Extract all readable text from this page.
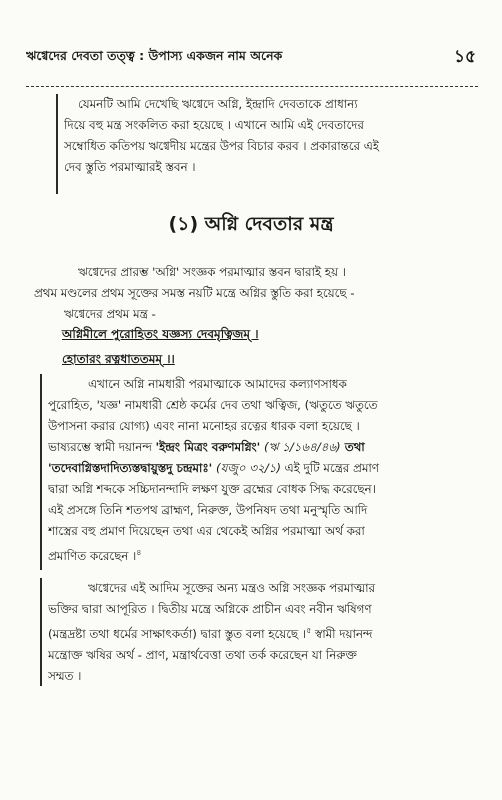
ঋগ্বেদের দেবতা তত্ত্ব : উপাস্য একজন নাম অনেক	১৫
যেমনটি আমি দেখেছি ঋগ্বেদে অগ্নি, ইন্দ্রাদি দেবতাকে প্রাধান্য
দিয়ে বহু মন্ত্র সংকলিত করা হয়েছে । এখানে আমি এই দেবতাদের
সম্বোধিত কতিপয় ঋগ্বেদীয় মন্ত্রের উপর বিচার করব । প্রকারান্তরে এই
দেব স্তুতি পরমাত্মারই স্তবন ।
(১) অগ্নি দেবতার মন্ত্র
ঋগ্বেদের প্রারম্ভ 'অগ্নি' সংজ্ঞক পরমাত্মার স্তবন দ্বারাই হয় ।
প্রথম মণ্ডলের প্রথম সূক্তের সমস্ত নয়টি মন্ত্রে অগ্নির স্তুতি করা হয়েছে -
ঋগ্বেদের প্রথম মন্ত্র -
অগ্নিমীলে পুরোহিতং যজ্ঞস্য দেবমৃত্বিজম্ ।
হোতারং রত্নধাততমম্ ।।
এখানে অগ্নি নামধারী পরমাত্মাকে আমাদের কল্যাণসাধক
পুরোহিত, 'যজ্ঞ' নামধারী শ্রেষ্ঠ কর্মের দেব তথা ঋত্বিজ, (ঋতুতে ঋতুতে
উপাসনা করার যোগ্য) এবং নানা মনোহর রত্নের ধারক বলা হয়েছে ।
ভাষ্যরম্ভে স্বামী দয়ানন্দ 'ইন্দ্রং মিত্রং বরুণমগ্নিং' (ঋ ১/১৬৪/৪৬) তথা
'তদেবাগ্নিস্তদাদিত্যস্তদ্বায়ুস্তদু চন্দ্রমাঃ' (যজু০ ৩২/১) এই দুটি মন্ত্রের প্রমাণ
দ্বারা অগ্নি শব্দকে সচ্চিদানন্দাদি লক্ষণ যুক্ত ব্রহ্মের বোধক সিদ্ধ করেছেন।
এই প্রসঙ্গে তিনি শতপথ ব্রাহ্মণ, নিরুক্ত, উপনিষদ তথা মনুস্মৃতি আদি
শাস্ত্রের বহু প্রমাণ দিয়েছেন তথা এর থেকেই অগ্নির পরমাত্মা অর্থ করা
প্রমাণিত করেছেন ।$^৪$
ঋগ্বেদের এই আদিম সূক্তের অন্য মন্ত্রও অগ্নি সংজ্ঞক পরমাত্মার
ভক্তির দ্বারা আপূরিত । দ্বিতীয় মন্ত্রে অগ্নিকে প্রাচীন এবং নবীন ঋষিগণ
(মন্ত্রদ্রষ্টা তথা ধর্মের সাক্ষাৎকর্তা) দ্বারা স্তুত বলা হয়েছে ।$^৫$ স্বামী দয়ানন্দ
মন্ত্রোক্ত ঋষির অর্থ - প্রাণ, মন্ত্রার্থবেত্তা তথা তর্ক করেছেন যা নিরুক্ত
সম্মত ।
